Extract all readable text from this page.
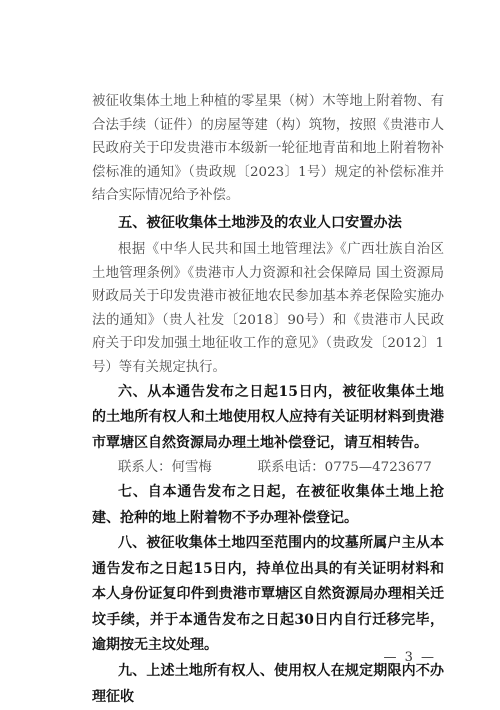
被征收集体土地上种植的零星果（树）木等地上附着物、有合法手续（证件）的房屋等建（构）筑物，按照《贵港市人民政府关于印发贵港市本级新一轮征地青苗和地上附着物补偿标准的通知》（贵政规〔2023〕1号）规定的补偿标准并结合实际情况给予补偿。

五、被征收集体土地涉及的农业人口安置办法

根据《中华人民共和国土地管理法》《广西壮族自治区土地管理条例》《贵港市人力资源和社会保障局 国土资源局 财政局关于印发贵港市被征地农民参加基本养老保险实施办法的通知》（贵人社发〔2018〕90号）和《贵港市人民政府关于印发加强土地征收工作的意见》（贵政发〔2012〕1号）等有关规定执行。

六、从本通告发布之日起15日内，被征收集体土地的土地所有权人和土地使用权人应持有关证明材料到贵港市覃塘区自然资源局办理土地补偿登记，请互相转告。

联系人：何雪梅	联系电话：0775—4723677

七、自本通告发布之日起，在被征收集体土地上抢建、抢种的地上附着物不予办理补偿登记。

八、被征收集体土地四至范围内的坟墓所属户主从本通告发布之日起15日内，持单位出具的有关证明材料和本人身份证复印件到贵港市覃塘区自然资源局办理相关迁坟手续，并于本通告发布之日起30日内自行迁移完毕，逾期按无主坟处理。

九、上述土地所有权人、使用权人在规定期限内不办理征收

— 3 —
